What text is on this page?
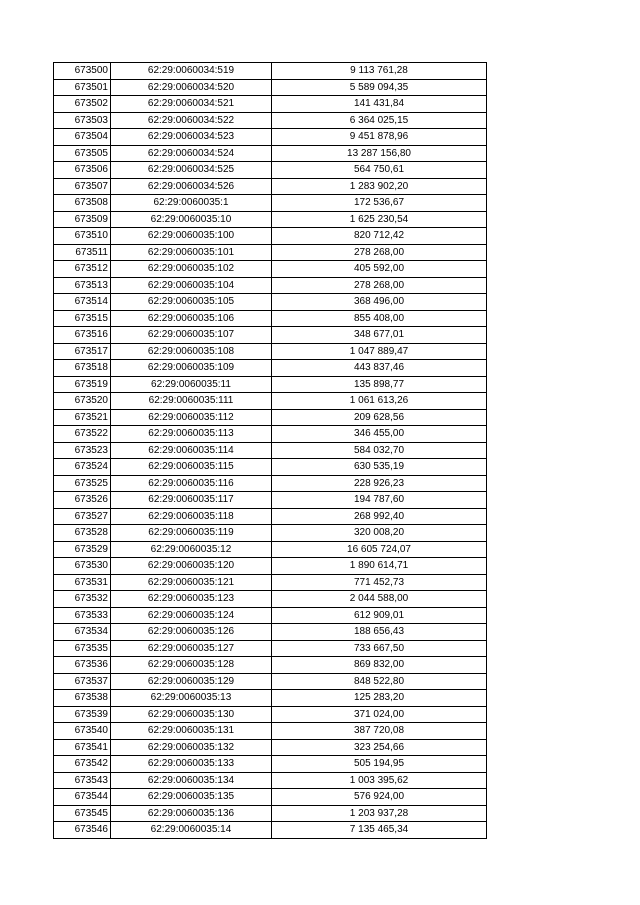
673500	62:29:0060034:519	9 113 761,28
673501	62:29:0060034:520	5 589 094,35
673502	62:29:0060034:521	141 431,84
673503	62:29:0060034:522	6 364 025,15
673504	62:29:0060034:523	9 451 878,96
673505	62:29:0060034:524	13 287 156,80
673506	62:29:0060034:525	564 750,61
673507	62:29:0060034:526	1 283 902,20
673508	62:29:0060035:1	172 536,67
673509	62:29:0060035:10	1 625 230,54
673510	62:29:0060035:100	820 712,42
673511	62:29:0060035:101	278 268,00
673512	62:29:0060035:102	405 592,00
673513	62:29:0060035:104	278 268,00
673514	62:29:0060035:105	368 496,00
673515	62:29:0060035:106	855 408,00
673516	62:29:0060035:107	348 677,01
673517	62:29:0060035:108	1 047 889,47
673518	62:29:0060035:109	443 837,46
673519	62:29:0060035:11	135 898,77
673520	62:29:0060035:111	1 061 613,26
673521	62:29:0060035:112	209 628,56
673522	62:29:0060035:113	346 455,00
673523	62:29:0060035:114	584 032,70
673524	62:29:0060035:115	630 535,19
673525	62:29:0060035:116	228 926,23
673526	62:29:0060035:117	194 787,60
673527	62:29:0060035:118	268 992,40
673528	62:29:0060035:119	320 008,20
673529	62:29:0060035:12	16 605 724,07
673530	62:29:0060035:120	1 890 614,71
673531	62:29:0060035:121	771 452,73
673532	62:29:0060035:123	2 044 588,00
673533	62:29:0060035:124	612 909,01
673534	62:29:0060035:126	188 656,43
673535	62:29:0060035:127	733 667,50
673536	62:29:0060035:128	869 832,00
673537	62:29:0060035:129	848 522,80
673538	62:29:0060035:13	125 283,20
673539	62:29:0060035:130	371 024,00
673540	62:29:0060035:131	387 720,08
673541	62:29:0060035:132	323 254,66
673542	62:29:0060035:133	505 194,95
673543	62:29:0060035:134	1 003 395,62
673544	62:29:0060035:135	576 924,00
673545	62:29:0060035:136	1 203 937,28
673546	62:29:0060035:14	7 135 465,34
